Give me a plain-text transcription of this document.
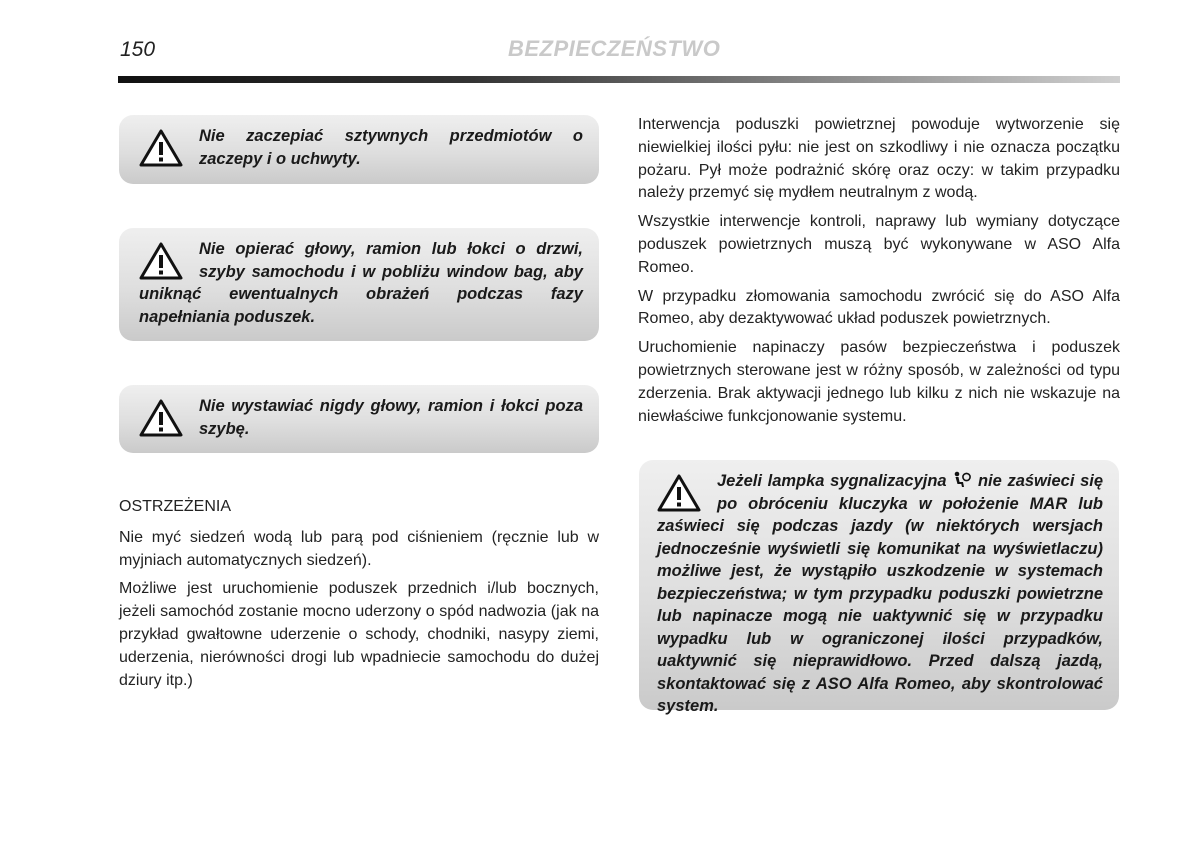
150	BEZPIECZEŃSTWO

Nie zaczepiać sztywnych przedmiotów o zaczepy i o uchwyty.

Nie opierać głowy, ramion lub łokci o drzwi, szyby samochodu i w pobliżu window bag, aby uniknąć ewentualnych obrażeń podczas fazy napełniania poduszek.

Nie wystawiać nigdy głowy, ramion i łokci poza szybę.

OSTRZEŻENIA

Nie myć siedzeń wodą lub parą pod ciśnieniem (ręcznie lub w myjniach automatycznych siedzeń).

Możliwe jest uruchomienie poduszek przednich i/lub bocznych, jeżeli samochód zostanie mocno uderzony o spód nadwozia (jak na przykład gwałtowne uderzenie o schody, chodniki, nasypy ziemi, uderzenia, nierówności drogi lub wpadniecie samochodu do dużej dziury itp.)

Interwencja poduszki powietrznej powoduje wytworzenie się niewielkiej ilości pyłu: nie jest on szkodliwy i nie oznacza początku pożaru. Pył może podrażnić skórę oraz oczy: w takim przypadku należy przemyć się mydłem neutralnym z wodą.

Wszystkie interwencje kontroli, naprawy lub wymiany dotyczące poduszek powietrznych muszą być wykonywane w ASO Alfa Romeo.

W przypadku złomowania samochodu zwrócić się do ASO Alfa Romeo, aby dezaktywować układ poduszek powietrznych.

Uruchomienie napinaczy pasów bezpieczeństwa i poduszek powietrznych sterowane jest w różny sposób, w zależności od typu zderzenia. Brak aktywacji jednego lub kilku z nich nie wskazuje na niewłaściwe funkcjonowanie systemu.

Jeżeli lampka sygnalizacyjna nie zaświeci się po obróceniu kluczyka w położenie MAR lub zaświeci się podczas jazdy (w niektórych wersjach jednocześnie wyświetli się komunikat na wyświetlaczu) możliwe jest, że wystąpiło uszkodzenie w systemach bezpieczeństwa; w tym przypadku poduszki powietrzne lub napinacze mogą nie uaktywnić się w przypadku wypadku lub w ograniczonej ilości przypadków, uaktywnić się nieprawidłowo. Przed dalszą jazdą, skontaktować się z ASO Alfa Romeo, aby skontrolować system.
